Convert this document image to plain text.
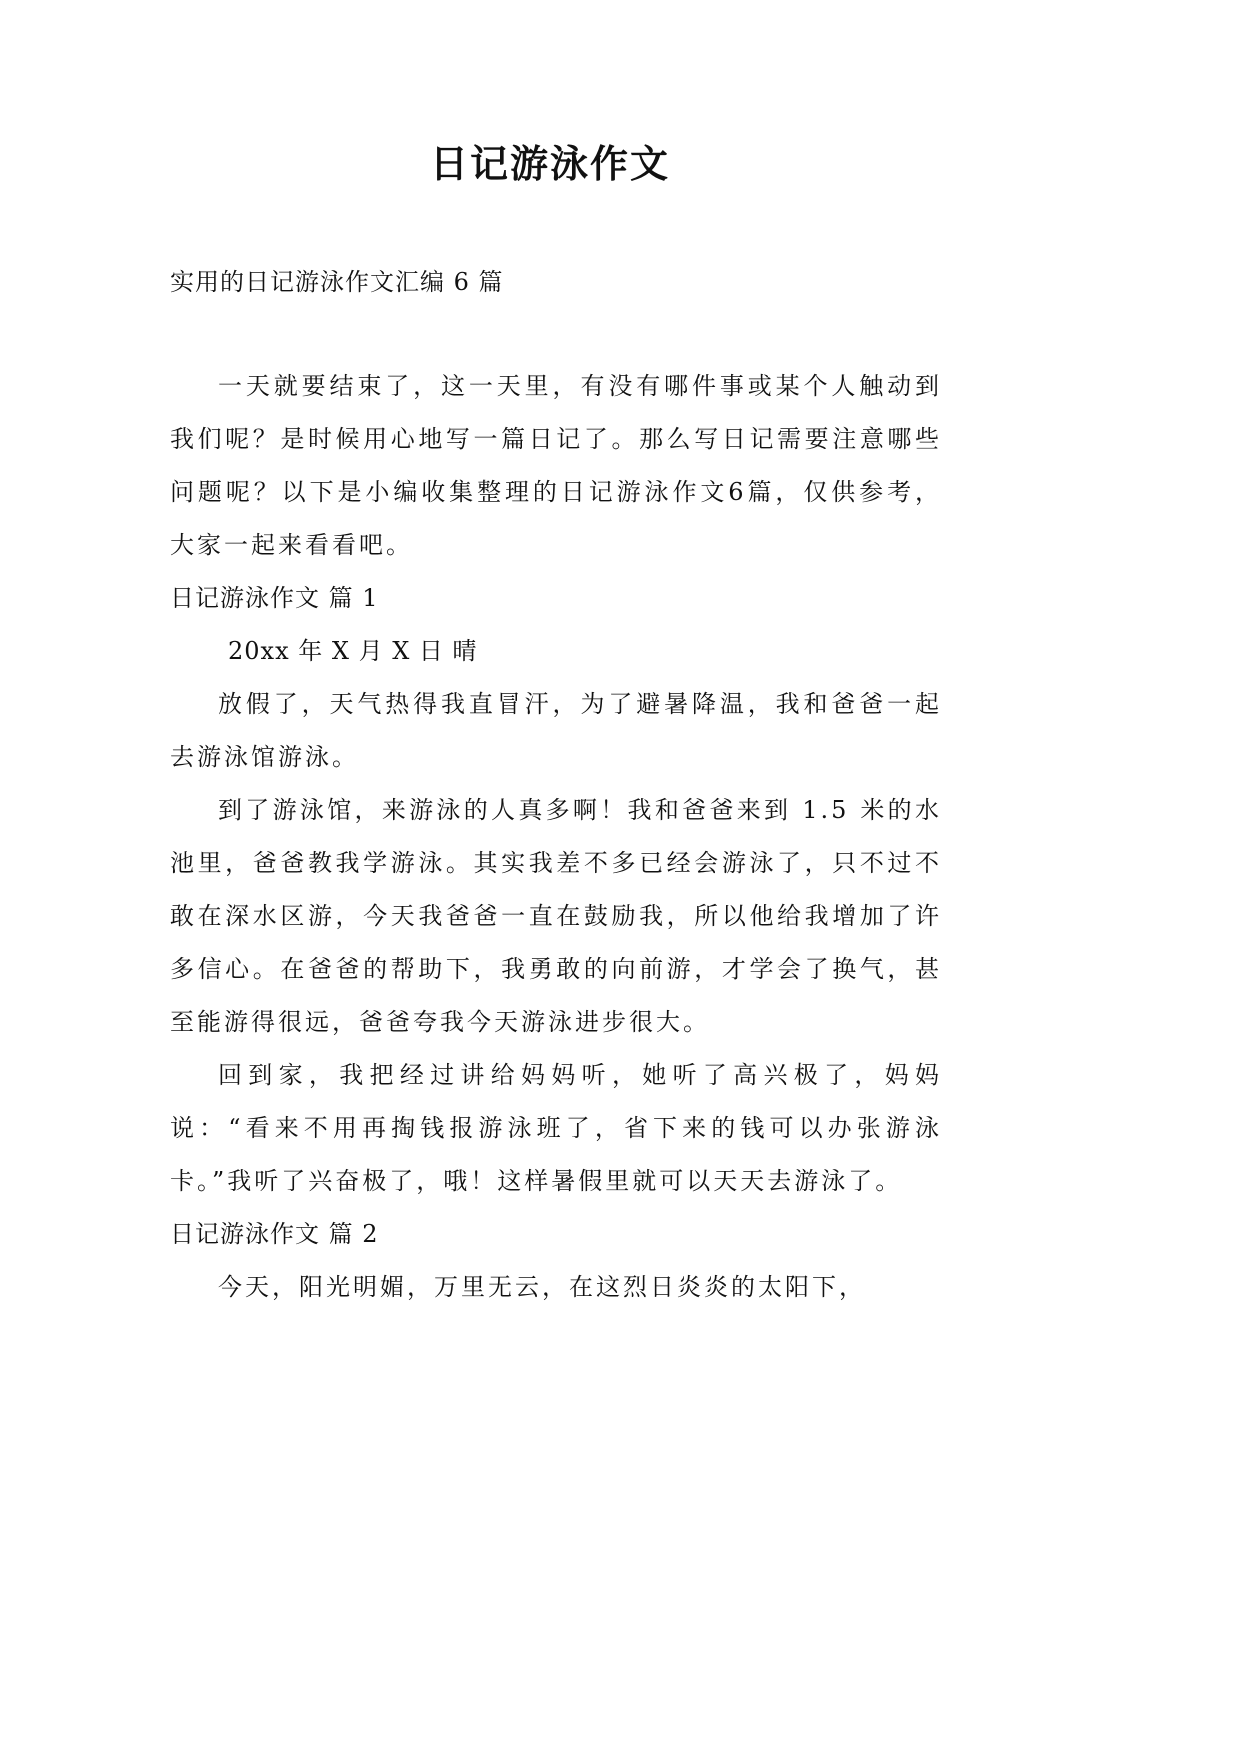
日记游泳作文
实用的日记游泳作文汇编 6 篇

一天就要结束了，这一天里，有没有哪件事或某个人触动到我们呢？是时候用心地写一篇日记了。那么写日记需要注意哪些问题呢？以下是小编收集整理的日记游泳作文6篇，仅供参考，大家一起来看看吧。

日记游泳作文 篇 1

20xx 年 X 月 X 日 晴

放假了，天气热得我直冒汗，为了避暑降温，我和爸爸一起去游泳馆游泳。

到了游泳馆，来游泳的人真多啊！我和爸爸来到 1.5 米的水池里，爸爸教我学游泳。其实我差不多已经会游泳了，只不过不敢在深水区游，今天我爸爸一直在鼓励我，所以他给我增加了许多信心。在爸爸的帮助下，我勇敢的向前游，才学会了换气，甚至能游得很远，爸爸夸我今天游泳进步很大。

回到家，我把经过讲给妈妈听，她听了高兴极了，妈妈说：“看来不用再掏钱报游泳班了，省下来的钱可以办张游泳卡。”我听了兴奋极了，哦！这样暑假里就可以天天去游泳了。

日记游泳作文 篇 2

今天，阳光明媚，万里无云，在这烈日炎炎的太阳下，
